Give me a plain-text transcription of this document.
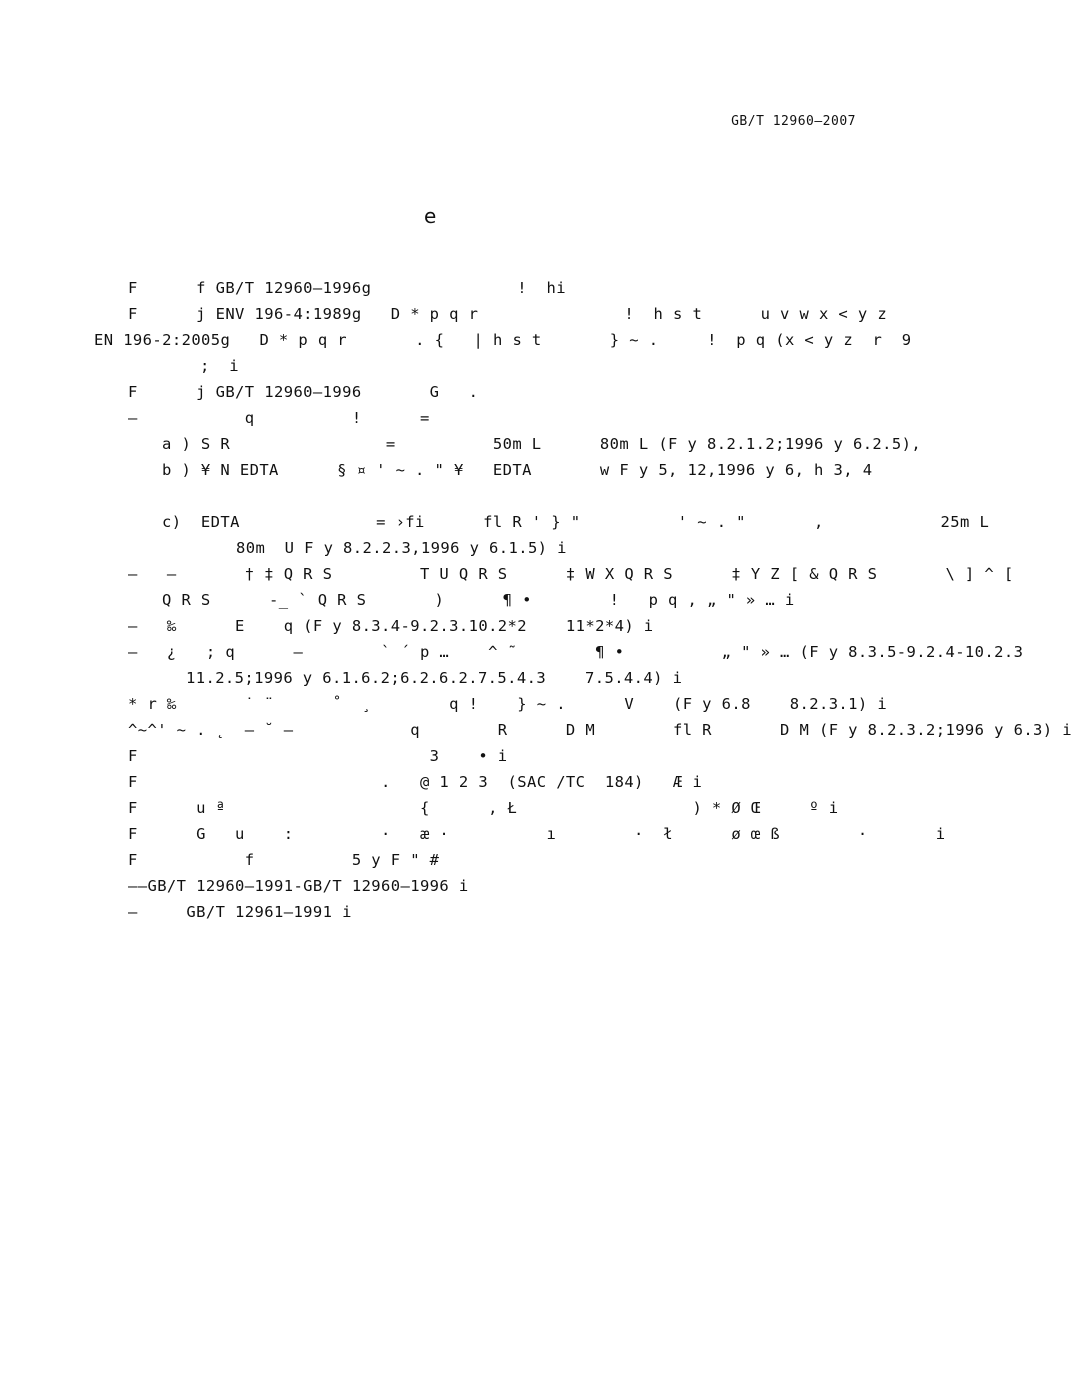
GB/T 12960—2007
e
F      f GB/T 12960—1996g               !  hi
F      j ENV 196-4:1989g   D * p q r               !  h s t      u v w x < y z
EN 196-2:2005g   D * p q r       . {   | h s t       } ~ .     !  p q (x < y z  r  9
;  i
F      j GB/T 12960—1996       G   .
—           q          !      =
a ) S R                =          50m L      80m L (F y 8.2.1.2;1996 y 6.2.5),
b ) ¥ N EDTA      § ¤ ' ~ . " ¥   EDTA       w F y 5, 12,1996 y 6, h 3, 4
c)  EDTA              = ›fi      fl R ' } "          ' ~ . "       ,            25m L
80m  U F y 8.2.2.3,1996 y 6.1.5) i
—   —       † ‡ Q R S         T U Q R S      ‡ W X Q R S      ‡ Y Z [ & Q R S       \ ] ^ [
Q R S      -_ ` Q R S       )      ¶ •        !   p q , „ " » … i
—   ‰      E    q (F y 8.3.4-9.2.3.10.2*2    11*2*4) i
—   ¿   ; q      —        ` ´ p …    ^ ˜        ¶ •          „ " » … (F y 8.3.5-9.2.4-10.2.3
11.2.5;1996 y 6.1.6.2;6.2.6.2.7.5.4.3    7.5.4.4) i
* r ‰       ˙ ¨      ˚  ¸        q !    } ~ .      V    (F y 6.8    8.2.3.1) i
^~^' ~ . ˛  – ˘ —            q        R      D M        fl R       D M (F y 8.2.3.2;1996 y 6.3) i
F                              3    • i
F                         .   @ 1 2 3  (SAC /TC  184)   Æ i
F      u ª                    {      , Ł                  ) * Ø Œ     º i
F      G   u    :         ·   æ ·          ı        ·  ł      ø œ ß        ·       i
F           f          5 y F " #
——GB/T 12960—1991-GB/T 12960—1996 i
—     GB/T 12961—1991 i
